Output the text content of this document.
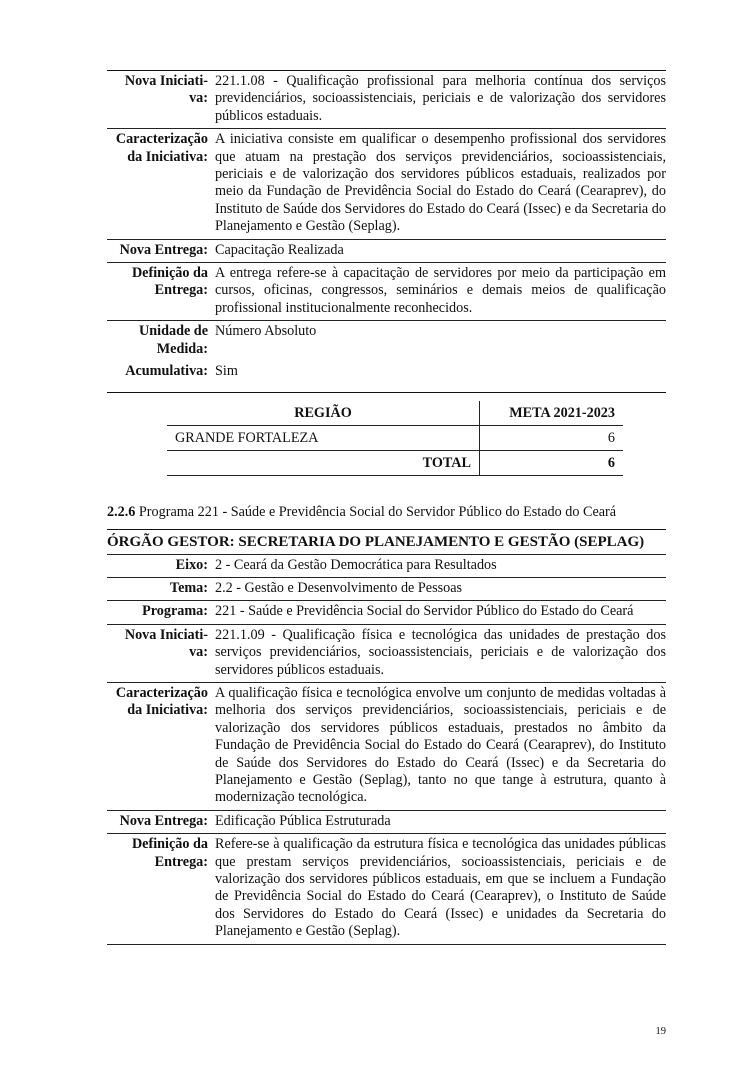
Nova Iniciati-
va:	221.1.08 - Qualificação profissional para melhoria contínua dos serviços previdenciários, socioassistenciais, periciais e de valorização dos servidores públicos estaduais.
Caracterização
da Iniciativa:	A iniciativa consiste em qualificar o desempenho profissional dos servidores que atuam na prestação dos serviços previdenciários, socioassistenciais, periciais e de valorização dos servidores públicos estaduais, realizados por meio da Fundação de Previdência Social do Estado do Ceará (Cearaprev), do Instituto de Saúde dos Servidores do Estado do Ceará (Issec) e da Secretaria do Planejamento e Gestão (Seplag).
Nova Entrega:	Capacitação Realizada
Definição da
Entrega:	A entrega refere-se à capacitação de servidores por meio da participação em cursos, oficinas, congressos, seminários e demais meios de qualificação profissional institucionalmente reconhecidos.
Unidade de
Medida:	Número Absoluto
Acumulativa:	Sim
REGIÃO	META 2021-2023
GRANDE FORTALEZA	6
TOTAL	6
2.2.6 Programa 221 - Saúde e Previdência Social do Servidor Público do Estado do Ceará
ÓRGÃO GESTOR: SECRETARIA DO PLANEJAMENTO E GESTÃO (SEPLAG)
Eixo:	2 - Ceará da Gestão Democrática para Resultados
Tema:	2.2 - Gestão e Desenvolvimento de Pessoas
Programa:	221 - Saúde e Previdência Social do Servidor Público do Estado do Ceará
Nova Iniciati-
va:	221.1.09 - Qualificação física e tecnológica das unidades de prestação dos serviços previdenciários, socioassistenciais, periciais e de valorização dos servidores públicos estaduais.
Caracterização
da Iniciativa:	A qualificação física e tecnológica envolve um conjunto de medidas voltadas à melhoria dos serviços previdenciários, socioassistenciais, periciais e de valorização dos servidores públicos estaduais, prestados no âmbito da Fundação de Previdência Social do Estado do Ceará (Cearaprev), do Instituto de Saúde dos Servidores do Estado do Ceará (Issec) e da Secretaria do Planejamento e Gestão (Seplag), tanto no que tange à estrutura, quanto à modernização tecnológica.
Nova Entrega:	Edificação Pública Estruturada
Definição da
Entrega:	Refere-se à qualificação da estrutura física e tecnológica das unidades públicas que prestam serviços previdenciários, socioassistenciais, periciais e de valorização dos servidores públicos estaduais, em que se incluem a Fundação de Previdência Social do Estado do Ceará (Cearaprev), o Instituto de Saúde dos Servidores do Estado do Ceará (Issec) e unidades da Secretaria do Planejamento e Gestão (Seplag).
19
